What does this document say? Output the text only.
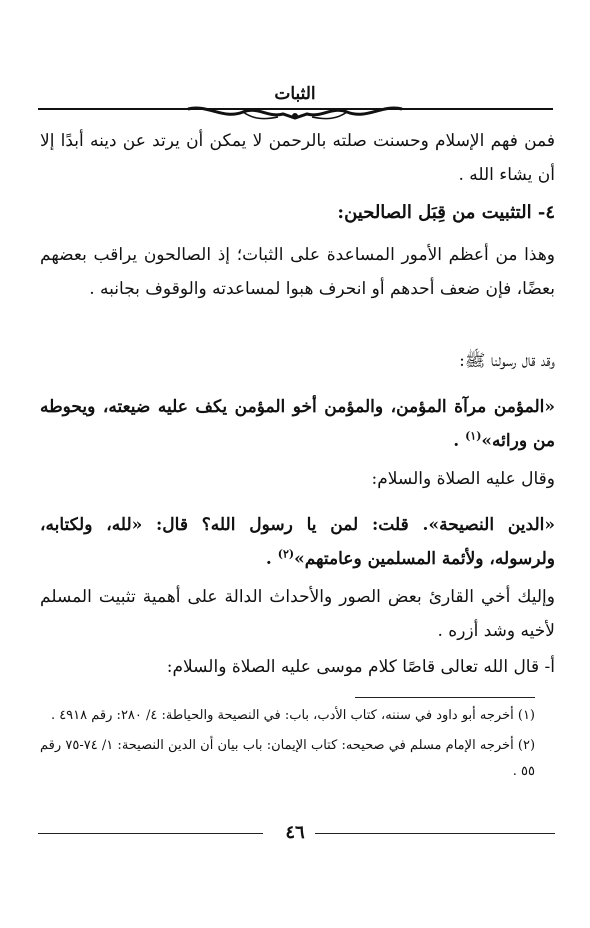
الثبات

فمن فهم الإسلام وحسنت صلته بالرحمن لا يمكن أن يرتد عن دينه أبدًا إلا أن يشاء الله .

٤- التثبيت من قِبَل الصالحين:

وهذا من أعظم الأمور المساعدة على الثبات؛ إذ الصالحون يراقب بعضهم بعضًا، فإن ضعف أحدهم أو انحرف هبوا لمساعدته والوقوف بجانبه .

وقد قال رسولنا ﷺ:

«المؤمن مرآة المؤمن، والمؤمن أخو المؤمن يكف عليه ضيعته، ويحوطه من ورائه»$^{(١)}$ .

وقال عليه الصلاة والسلام:

«الدين النصيحة». قلت: لمن يا رسول الله؟ قال: «لله، ولكتابه، ولرسوله، ولأئمة المسلمين وعامتهم»$^{(٢)}$ .

وإليك أخي القارئ بعض الصور والأحداث الدالة على أهمية تثبيت المسلم لأخيه وشد أزره .

أ- قال الله تعالى قاصًا كلام موسى عليه الصلاة والسلام:

(١) أخرجه أبو داود في سننه، كتاب الأدب، باب: في النصيحة والحياطة: ٤/ ٢٨٠: رقم ٤٩١٨ .

(٢) أخرجه الإمام مسلم في صحيحه: كتاب الإيمان: باب بيان أن الدين النصيحة: ١/ ٧٤-٧٥ رقم ٥٥ .

٤٦
